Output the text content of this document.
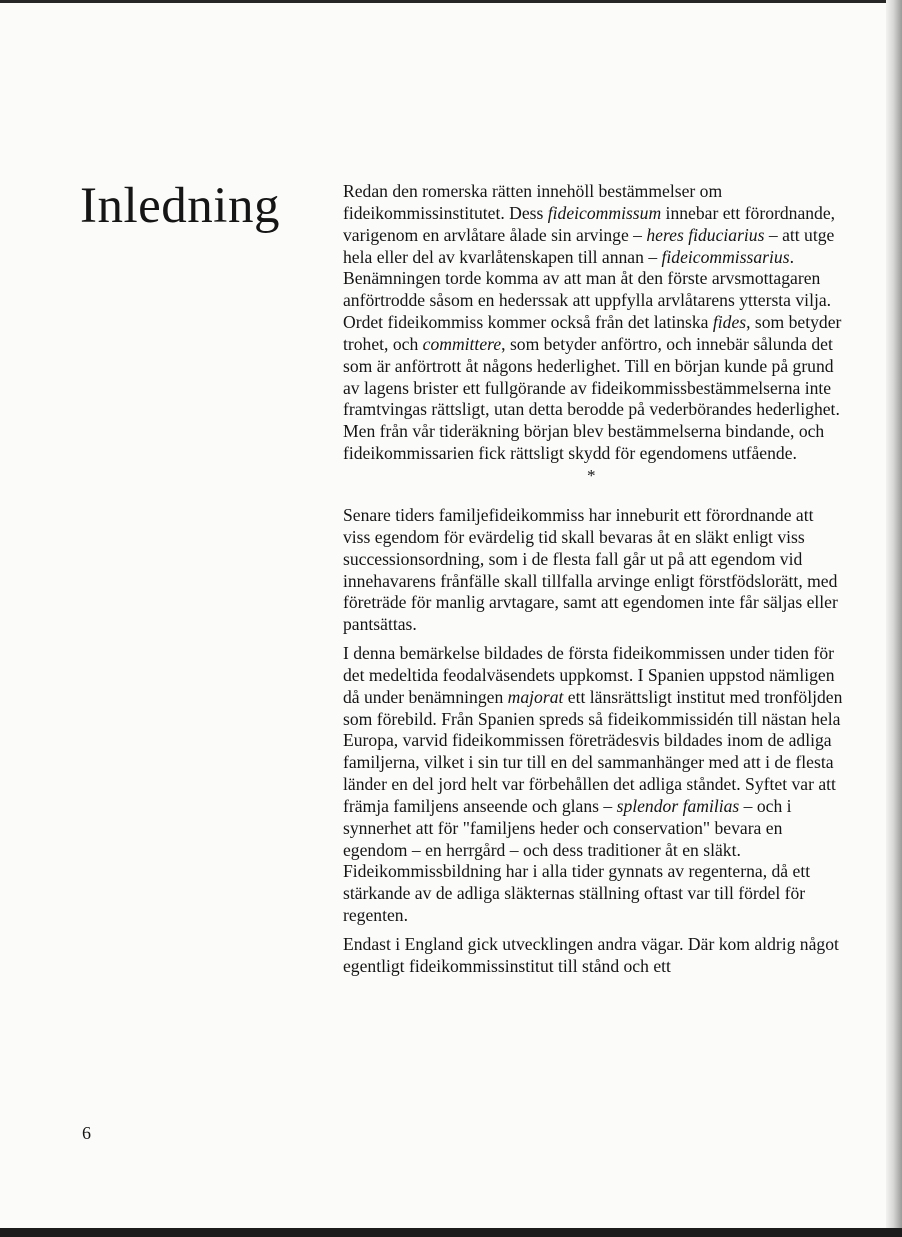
Inledning	Redan den romerska rätten innehöll bestämmelser om fideikommissinstitutet. Dess fideicommissum innebar ett förordnande, varigenom en arvlåtare ålade sin arvinge – heres fiduciarius – att utge hela eller del av kvarlåtenskapen till annan – fideicommissarius. Benämningen torde komma av att man åt den förste arvsmottagaren anförtrodde såsom en hederssak att uppfylla arvlåtarens yttersta vilja. Ordet fideikommiss kommer också från det latinska fides, som betyder trohet, och committere, som betyder anförtro, och innebär sålunda det som är anförtrott åt någons hederlighet. Till en början kunde på grund av lagens brister ett fullgörande av fideikommissbestämmelserna inte framtvingas rättsligt, utan detta berodde på vederbörandes hederlighet. Men från vår tideräkning början blev bestämmelserna bindande, och fideikommissarien fick rättsligt skydd för egendomens utfående.

*

Senare tiders familjefideikommiss har inneburit ett förordnande att viss egendom för evärdelig tid skall bevaras åt en släkt enligt viss successionsordning, som i de flesta fall går ut på att egendom vid innehavarens frånfälle skall tillfalla arvinge enligt förstfödslorätt, med företräde för manlig arvtagare, samt att egendomen inte får säljas eller pantsättas.

I denna bemärkelse bildades de första fideikommissen under tiden för det medeltida feodalväsendets uppkomst. I Spanien uppstod nämligen då under benämningen majorat ett länsrättsligt institut med tronföljden som förebild. Från Spanien spreds så fideikommissidén till nästan hela Europa, varvid fideikommissen företrädesvis bildades inom de adliga familjerna, vilket i sin tur till en del sammanhänger med att i de flesta länder en del jord helt var förbehållen det adliga ståndet. Syftet var att främja familjens anseende och glans – splendor familias – och i synnerhet att för "familjens heder och conservation" bevara en egendom – en herrgård – och dess traditioner åt en släkt. Fideikommissbildning har i alla tider gynnats av regenterna, då ett stärkande av de adliga släkternas ställning oftast var till fördel för regenten.

Endast i England gick utvecklingen andra vägar. Där kom aldrig något egentligt fideikommissinstitut till stånd och ett

6
